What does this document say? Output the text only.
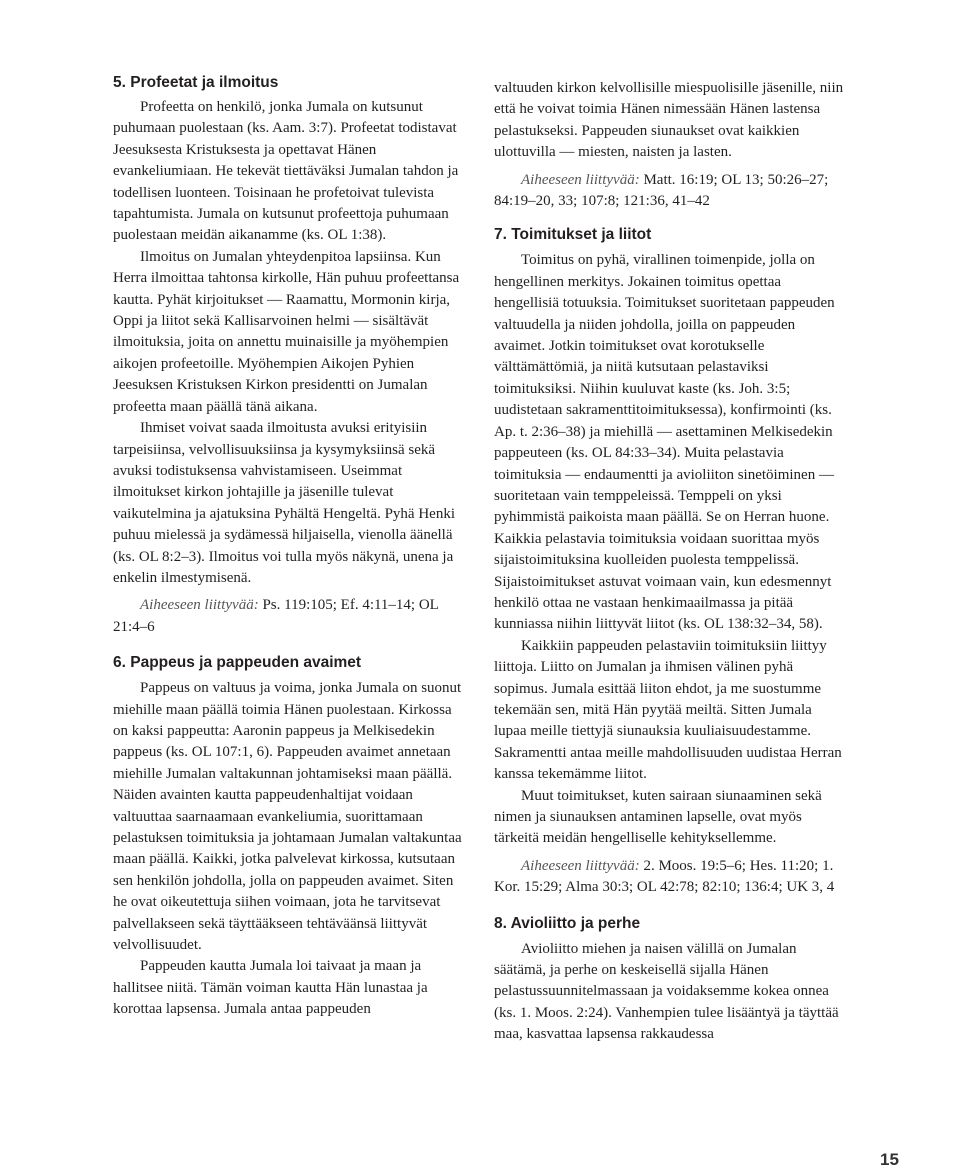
5. Profeetat ja ilmoitus

Profeetta on henkilö, jonka Jumala on kutsunut puhumaan puolestaan (ks. Aam. 3:7). Profeetat todistavat Jeesuksesta Kristuksesta ja opettavat Hänen evankeliumiaan. He tekevät tiettäväksi Jumalan tahdon ja todellisen luonteen. Toisinaan he profetoivat tulevista tapahtumista. Jumala on kutsunut profeettoja puhumaan puolestaan meidän aikanamme (ks. OL 1:38).

Ilmoitus on Jumalan yhteydenpitoa lapsiinsa. Kun Herra ilmoittaa tahtonsa kirkolle, Hän puhuu profeettansa kautta. Pyhät kirjoitukset — Raamattu, Mormonin kirja, Oppi ja liitot sekä Kallisarvoinen helmi — sisältävät ilmoituksia, joita on annettu muinaisille ja myöhempien aikojen profeetoille. Myöhempien Aikojen Pyhien Jeesuksen Kristuksen Kirkon presidentti on Jumalan profeetta maan päällä tänä aikana.

Ihmiset voivat saada ilmoitusta avuksi erityisiin tarpeisiinsa, velvollisuuksiinsa ja kysymyksiinsä sekä avuksi todistuksensa vahvistamiseen. Useimmat ilmoitukset kirkon johtajille ja jäsenille tulevat vaikutelmina ja ajatuksina Pyhältä Hengeltä. Pyhä Henki puhuu mielessä ja sydämessä hiljaisella, vienolla äänellä (ks. OL 8:2–3). Ilmoitus voi tulla myös näkynä, unena ja enkelin ilmestymisenä.

Aiheeseen liittyvää: Ps. 119:105; Ef. 4:11–14; OL 21:4–6

6. Pappeus ja pappeuden avaimet

Pappeus on valtuus ja voima, jonka Jumala on suonut miehille maan päällä toimia Hänen puolestaan. Kirkossa on kaksi pappeutta: Aaronin pappeus ja Melkisedekin pappeus (ks. OL 107:1, 6). Pappeuden avaimet annetaan miehille Jumalan valtakunnan johtamiseksi maan päällä. Näiden avainten kautta pappeudenhaltijat voidaan valtuuttaa saarnaamaan evankeliumia, suorittamaan pelastuksen toimituksia ja johtamaan Jumalan valtakuntaa maan päällä. Kaikki, jotka palvelevat kirkossa, kutsutaan sen henkilön johdolla, jolla on pappeuden avaimet. Siten he ovat oikeutettuja siihen voimaan, jota he tarvitsevat palvellakseen sekä täyttääkseen tehtäväänsä liittyvät velvollisuudet.

Pappeuden kautta Jumala loi taivaat ja maan ja hallitsee niitä. Tämän voiman kautta Hän lunastaa ja korottaa lapsensa. Jumala antaa pappeuden

valtuuden kirkon kelvollisille miespuolisille jäsenille, niin että he voivat toimia Hänen nimessään Hänen lastensa pelastukseksi. Pappeuden siunaukset ovat kaikkien ulottuvilla — miesten, naisten ja lasten.

Aiheeseen liittyvää: Matt. 16:19; OL 13; 50:26–27; 84:19–20, 33; 107:8; 121:36, 41–42

7. Toimitukset ja liitot

Toimitus on pyhä, virallinen toimenpide, jolla on hengellinen merkitys. Jokainen toimitus opettaa hengellisiä totuuksia. Toimitukset suoritetaan pappeuden valtuudella ja niiden johdolla, joilla on pappeuden avaimet. Jotkin toimitukset ovat korotukselle välttämättömiä, ja niitä kutsutaan pelastaviksi toimituksiksi. Niihin kuuluvat kaste (ks. Joh. 3:5; uudistetaan sakramenttitoimituksessa), konfirmointi (ks. Ap. t. 2:36–38) ja miehillä — asettaminen Melkisedekin pappeuteen (ks. OL 84:33–34). Muita pelastavia toimituksia — endaumentti ja avioliiton sinetöiminen — suoritetaan vain temppeleissä. Temppeli on yksi pyhimmistä paikoista maan päällä. Se on Herran huone. Kaikkia pelastavia toimituksia voidaan suorittaa myös sijaistoimituksina kuolleiden puolesta temppelissä. Sijaistoimitukset astuvat voimaan vain, kun edesmennyt henkilö ottaa ne vastaan henkimaailmassa ja pitää kunniassa niihin liittyvät liitot (ks. OL 138:32–34, 58).

Kaikkiin pappeuden pelastaviin toimituksiin liittyy liittoja. Liitto on Jumalan ja ihmisen välinen pyhä sopimus. Jumala esittää liiton ehdot, ja me suostumme tekemään sen, mitä Hän pyytää meiltä. Sitten Jumala lupaa meille tiettyjä siunauksia kuuliaisuudestamme. Sakramentti antaa meille mahdollisuuden uudistaa Herran kanssa tekemämme liitot.

Muut toimitukset, kuten sairaan siunaaminen sekä nimen ja siunauksen antaminen lapselle, ovat myös tärkeitä meidän hengelliselle kehityksellemme.

Aiheeseen liittyvää: 2. Moos. 19:5–6; Hes. 11:20; 1. Kor. 15:29; Alma 30:3; OL 42:78; 82:10; 136:4; UK 3, 4

8. Avioliitto ja perhe

Avioliitto miehen ja naisen välillä on Jumalan säätämä, ja perhe on keskeisellä sijalla Hänen pelastussuunnitelmassaan ja voidaksemme kokea onnea (ks. 1. Moos. 2:24). Vanhempien tulee lisääntyä ja täyttää maa, kasvattaa lapsensa rakkaudessa

15
